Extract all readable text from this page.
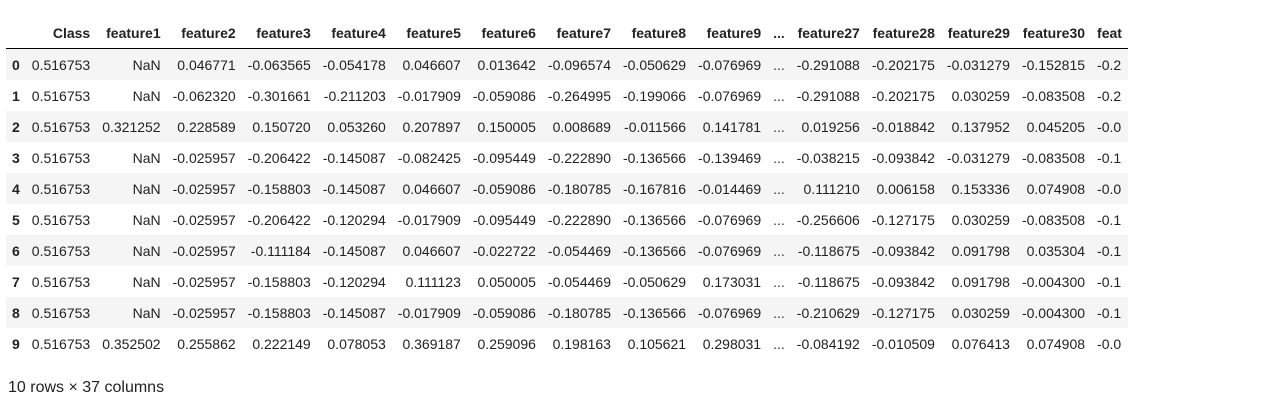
	Class	feature1	feature2	feature3	feature4	feature5	feature6	feature7	feature8	feature9	...	feature27	feature28	feature29	feature30	feat
0	0.516753	NaN	0.046771	-0.063565	-0.054178	0.046607	0.013642	-0.096574	-0.050629	-0.076969	...	-0.291088	-0.202175	-0.031279	-0.152815	-0.2
1	0.516753	NaN	-0.062320	-0.301661	-0.211203	-0.017909	-0.059086	-0.264995	-0.199066	-0.076969	...	-0.291088	-0.202175	0.030259	-0.083508	-0.2
2	0.516753	0.321252	0.228589	0.150720	0.053260	0.207897	0.150005	0.008689	-0.011566	0.141781	...	0.019256	-0.018842	0.137952	0.045205	-0.0
3	0.516753	NaN	-0.025957	-0.206422	-0.145087	-0.082425	-0.095449	-0.222890	-0.136566	-0.139469	...	-0.038215	-0.093842	-0.031279	-0.083508	-0.1
4	0.516753	NaN	-0.025957	-0.158803	-0.145087	0.046607	-0.059086	-0.180785	-0.167816	-0.014469	...	0.111210	0.006158	0.153336	0.074908	-0.0
5	0.516753	NaN	-0.025957	-0.206422	-0.120294	-0.017909	-0.095449	-0.222890	-0.136566	-0.076969	...	-0.256606	-0.127175	0.030259	-0.083508	-0.1
6	0.516753	NaN	-0.025957	-0.111184	-0.145087	0.046607	-0.022722	-0.054469	-0.136566	-0.076969	...	-0.118675	-0.093842	0.091798	0.035304	-0.1
7	0.516753	NaN	-0.025957	-0.158803	-0.120294	0.111123	0.050005	-0.054469	-0.050629	0.173031	...	-0.118675	-0.093842	0.091798	-0.004300	-0.1
8	0.516753	NaN	-0.025957	-0.158803	-0.145087	-0.017909	-0.059086	-0.180785	-0.136566	-0.076969	...	-0.210629	-0.127175	0.030259	-0.004300	-0.1
9	0.516753	0.352502	0.255862	0.222149	0.078053	0.369187	0.259096	0.198163	0.105621	0.298031	...	-0.084192	-0.010509	0.076413	0.074908	-0.0
10 rows × 37 columns
